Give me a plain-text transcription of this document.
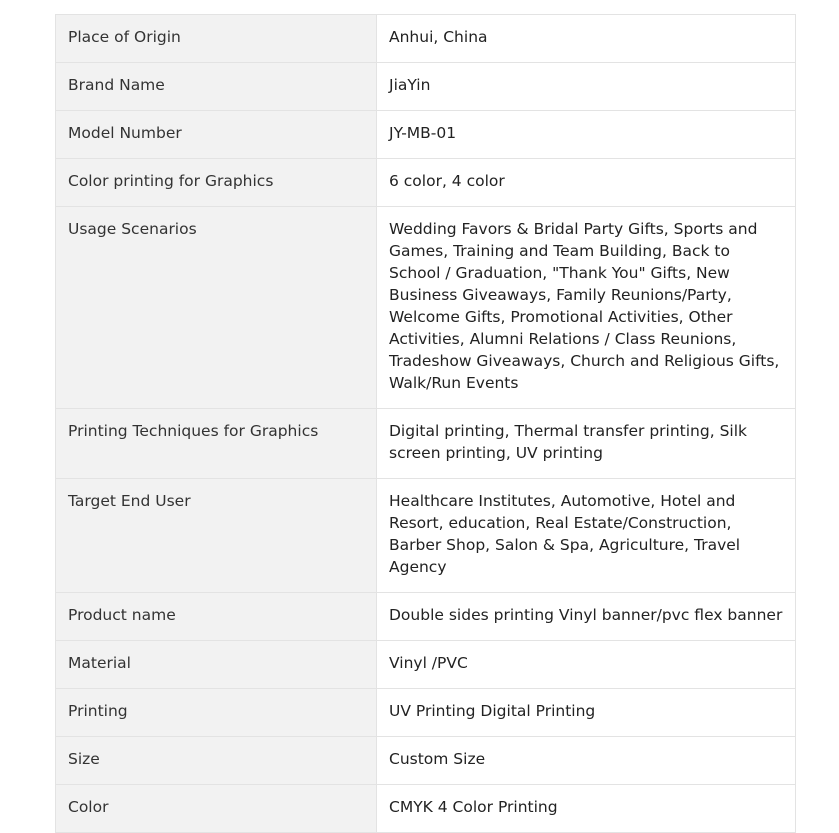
Place of Origin	Anhui, China
Brand Name	JiaYin
Model Number	JY-MB-01
Color printing for Graphics	6 color, 4 color
Usage Scenarios	Wedding Favors & Bridal Party Gifts, Sports and Games, Training and Team Building, Back to School / Graduation, "Thank You" Gifts, New Business Giveaways, Family Reunions/Party, Welcome Gifts, Promotional Activities, Other Activities, Alumni Relations / Class Reunions, Tradeshow Giveaways, Church and Religious Gifts, Walk/Run Events
Printing Techniques for Graphics	Digital printing, Thermal transfer printing, Silk screen printing, UV printing
Target End User	Healthcare Institutes, Automotive, Hotel and Resort, education, Real Estate/Construction, Barber Shop, Salon & Spa, Agriculture, Travel Agency
Product name	Double sides printing Vinyl banner/pvc flex banner
Material	Vinyl /PVC
Printing	UV Printing Digital Printing
Size	Custom Size
Color	CMYK 4 Color Printing
